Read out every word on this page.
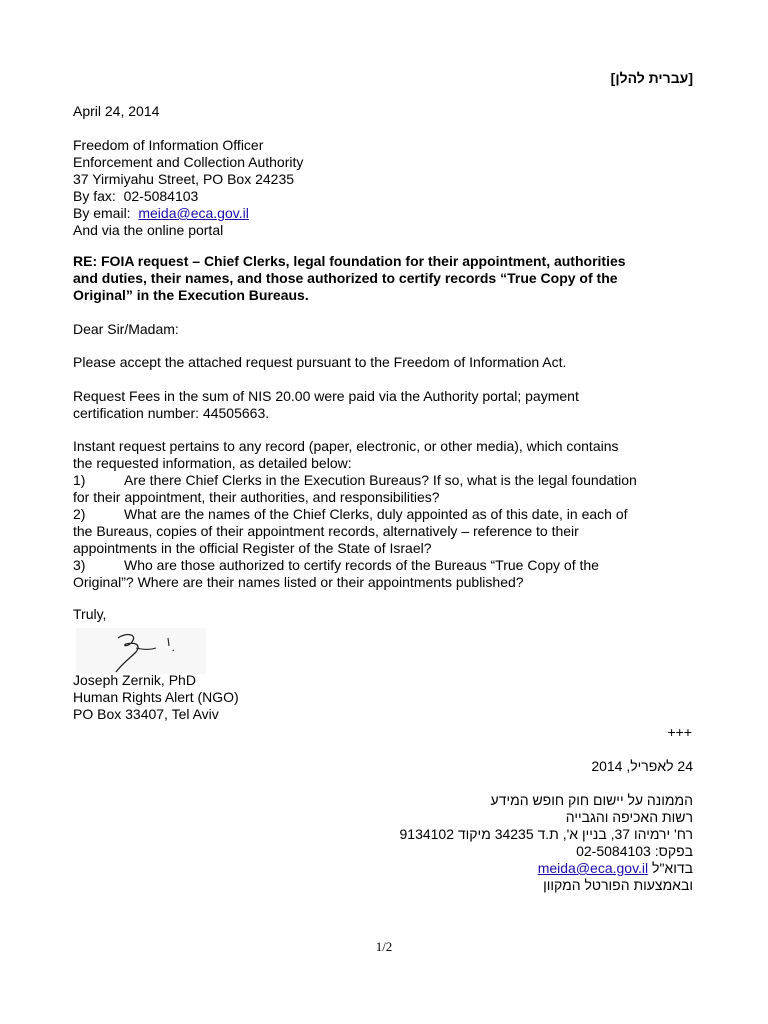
[עברית להלן]
April 24, 2014
Freedom of Information Officer
Enforcement and Collection Authority
37 Yirmiyahu Street, PO Box 24235
By fax: 02-5084103
By email: meida@eca.gov.il
And via the online portal
RE: FOIA request – Chief Clerks, legal foundation for their appointment, authorities
and duties, their names, and those authorized to certify records “True Copy of the
Original” in the Execution Bureaus.
Dear Sir/Madam:
Please accept the attached request pursuant to the Freedom of Information Act.
Request Fees in the sum of NIS 20.00 were paid via the Authority portal; payment
certification number: 44505663.
Instant request pertains to any record (paper, electronic, or other media), which contains
the requested information, as detailed below:
1)	Are there Chief Clerks in the Execution Bureaus? If so, what is the legal foundation
for their appointment, their authorities, and responsibilities?
2)	What are the names of the Chief Clerks, duly appointed as of this date, in each of
the Bureaus, copies of their appointment records, alternatively – reference to their
appointments in the official Register of the State of Israel?
3)	Who are those authorized to certify records of the Bureaus “True Copy of the
Original”? Where are their names listed or their appointments published?
Truly,
Joseph Zernik, PhD
Human Rights Alert (NGO)
PO Box 33407, Tel Aviv
+++
24 לאפריל, 2014
הממונה על יישום חוק חופש המידע
רשות האכיפה והגבייה
רח' ירמיהו 37, בניין א', ת.ד 34235 מיקוד 9134102
בפקס: 02-5084103
בדוא"ל meida@eca.gov.il
ובאמצעות הפורטל המקוון
1/2
